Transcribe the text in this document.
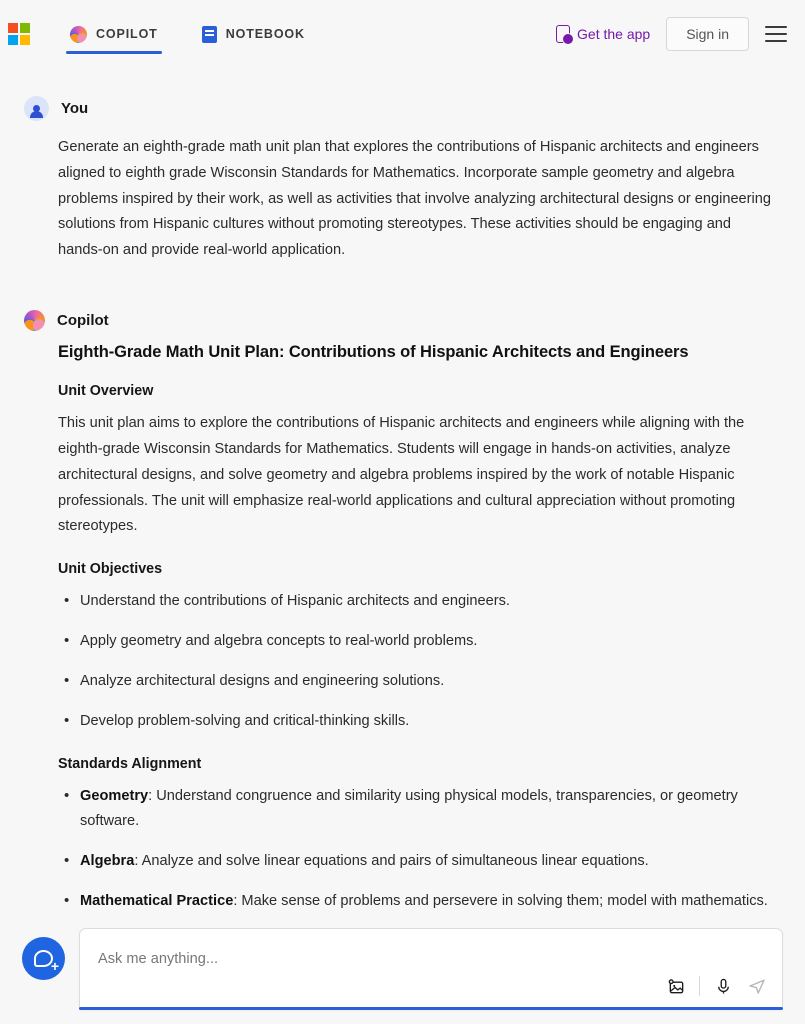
COPILOT	NOTEBOOK	Get the app	Sign in
You
Generate an eighth-grade math unit plan that explores the contributions of Hispanic architects and engineers aligned to eighth grade Wisconsin Standards for Mathematics. Incorporate sample geometry and algebra problems inspired by their work, as well as activities that involve analyzing architectural designs or engineering solutions from Hispanic cultures without promoting stereotypes. These activities should be engaging and hands-on and provide real-world application.
Copilot
Eighth-Grade Math Unit Plan: Contributions of Hispanic Architects and Engineers
Unit Overview

This unit plan aims to explore the contributions of Hispanic architects and engineers while aligning with the eighth-grade Wisconsin Standards for Mathematics. Students will engage in hands-on activities, analyze architectural designs, and solve geometry and algebra problems inspired by the work of notable Hispanic professionals. The unit will emphasize real-world applications and cultural appreciation without promoting stereotypes.

Unit Objectives
• Understand the contributions of Hispanic architects and engineers.
• Apply geometry and algebra concepts to real-world problems.
• Analyze architectural designs and engineering solutions.
• Develop problem-solving and critical-thinking skills.
Standards Alignment
• Geometry: Understand congruence and similarity using physical models, transparencies, or geometry software.
• Algebra: Analyze and solve linear equations and pairs of simultaneous linear equations.
• Mathematical Practice: Make sense of problems and persevere in solving them; model with mathematics.
+
Ask me anything...
